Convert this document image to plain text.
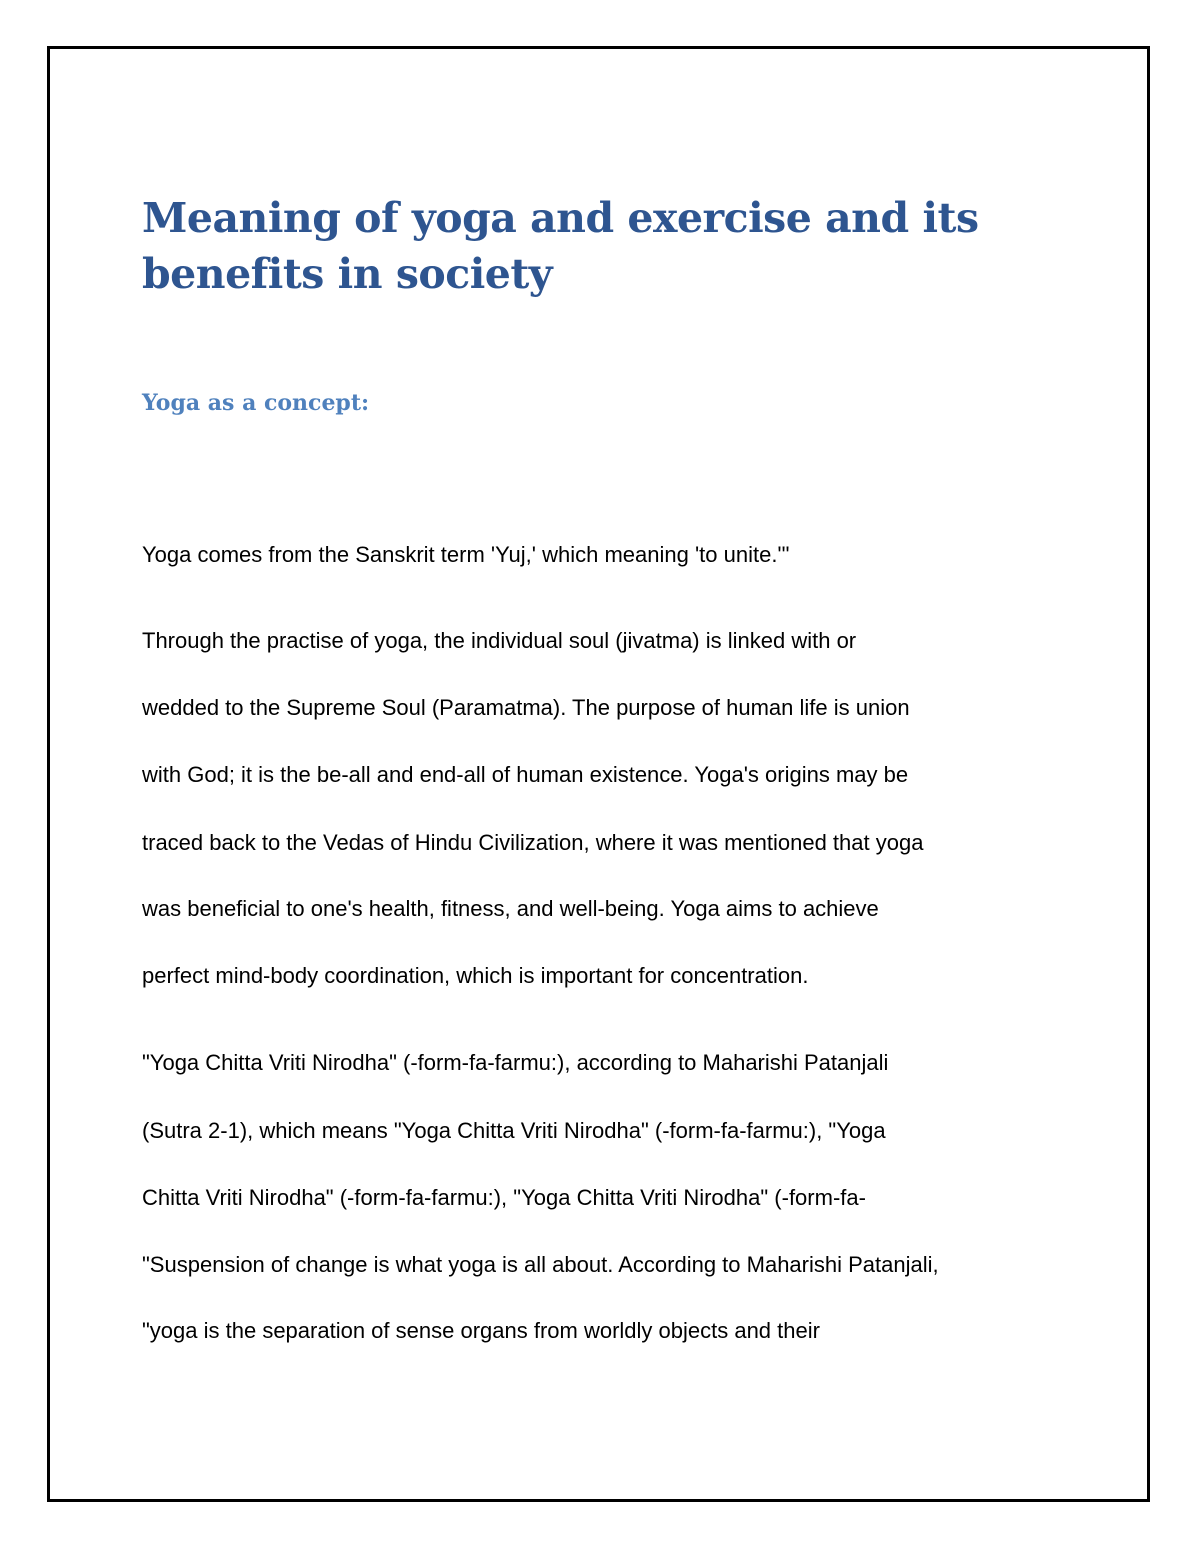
Meaning of yoga and exercise and its benefits in society
Yoga as a concept:

Yoga comes from the Sanskrit term 'Yuj,' which meaning 'to unite.'"

Through the practise of yoga, the individual soul (jivatma) is linked with or

wedded to the Supreme Soul (Paramatma). The purpose of human life is union

with God; it is the be-all and end-all of human existence. Yoga's origins may be

traced back to the Vedas of Hindu Civilization, where it was mentioned that yoga

was beneficial to one's health, fitness, and well-being. Yoga aims to achieve

perfect mind-body coordination, which is important for concentration.

"Yoga Chitta Vriti Nirodha" (-form-fa-farmu:), according to Maharishi Patanjali

(Sutra 2-1), which means "Yoga Chitta Vriti Nirodha" (-form-fa-farmu:), "Yoga

Chitta Vriti Nirodha" (-form-fa-farmu:), "Yoga Chitta Vriti Nirodha" (-form-fa-

"Suspension of change is what yoga is all about. According to Maharishi Patanjali,

"yoga is the separation of sense organs from worldly objects and their
